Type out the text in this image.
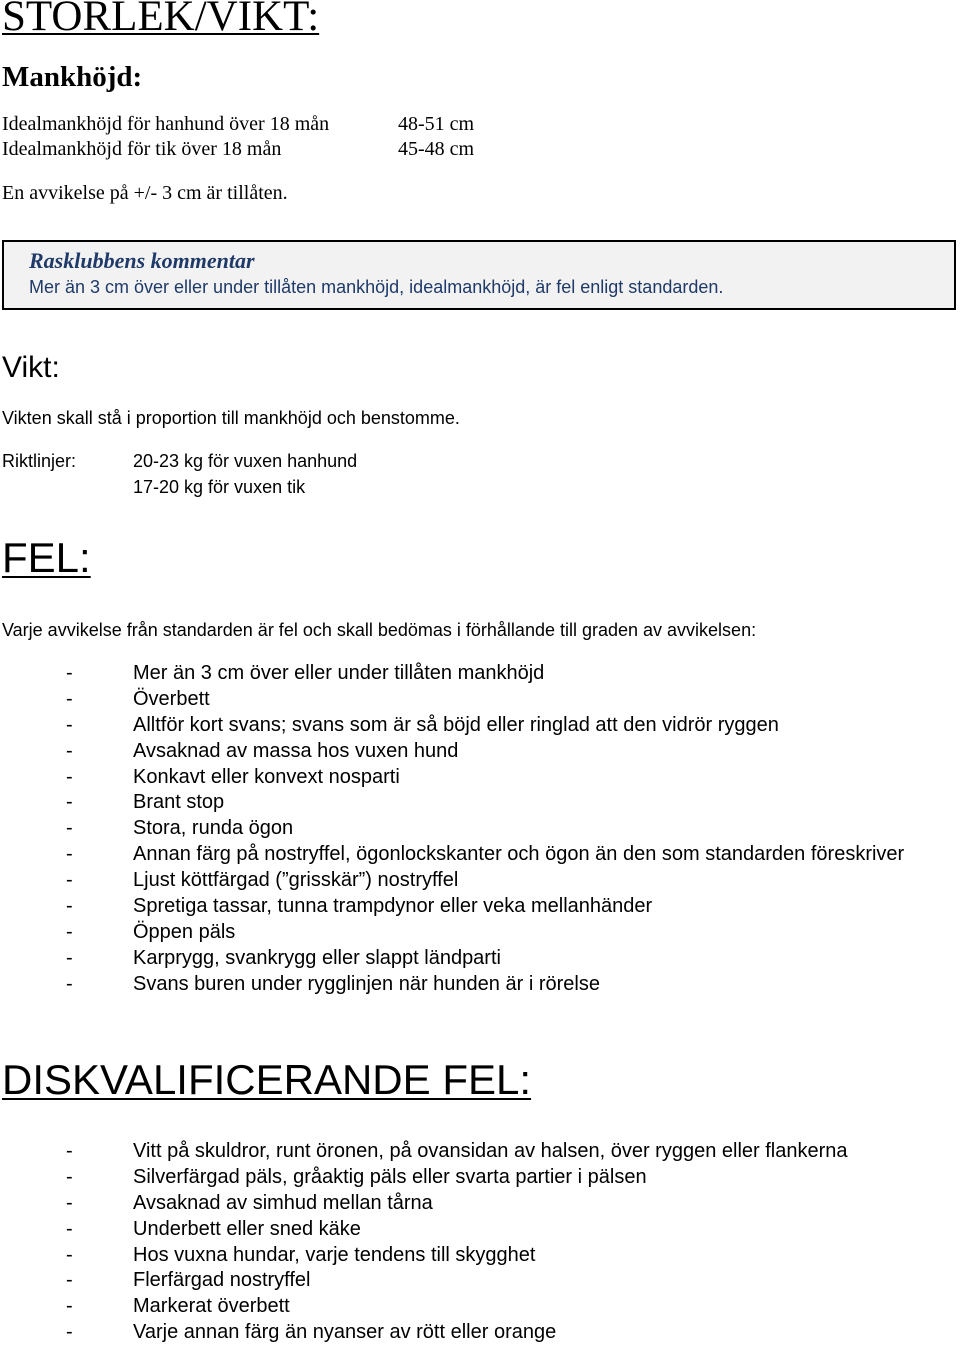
STORLEK/VIKT:
Mankhöjd:
Idealmankhöjd för hanhund över 18 mån	48-51 cm
Idealmankhöjd för tik över 18 mån	45-48 cm
En avvikelse på +/- 3 cm är tillåten.
Rasklubbens kommentar
Mer än 3 cm över eller under tillåten mankhöjd, idealmankhöjd, är fel enligt standarden.
Vikt:
Vikten skall stå i proportion till mankhöjd och benstomme.
Riktlinjer:	20-23 kg för vuxen hanhund
17-20 kg för vuxen tik
FEL:
Varje avvikelse från standarden är fel och skall bedömas i förhållande till graden av avvikelsen:
-	Mer än 3 cm över eller under tillåten mankhöjd
-	Överbett
-	Alltför kort svans; svans som är så böjd eller ringlad att den vidrör ryggen
-	Avsaknad av massa hos vuxen hund
-	Konkavt eller konvext nosparti
-	Brant stop
-	Stora, runda ögon
-	Annan färg på nostryffel, ögonlockskanter och ögon än den som standarden föreskriver
-	Ljust köttfärgad (”grisskär”) nostryffel
-	Spretiga tassar, tunna trampdynor eller veka mellanhänder
-	Öppen päls
-	Karprygg, svankrygg eller slappt ländparti
-	Svans buren under rygglinjen när hunden är i rörelse
DISKVALIFICERANDE FEL:
-	Vitt på skuldror, runt öronen, på ovansidan av halsen, över ryggen eller flankerna
-	Silverfärgad päls, gråaktig päls eller svarta partier i pälsen
-	Avsaknad av simhud mellan tårna
-	Underbett eller sned käke
-	Hos vuxna hundar, varje tendens till skygghet
-	Flerfärgad nostryffel
-	Markerat överbett
-	Varje annan färg än nyanser av rött eller orange
